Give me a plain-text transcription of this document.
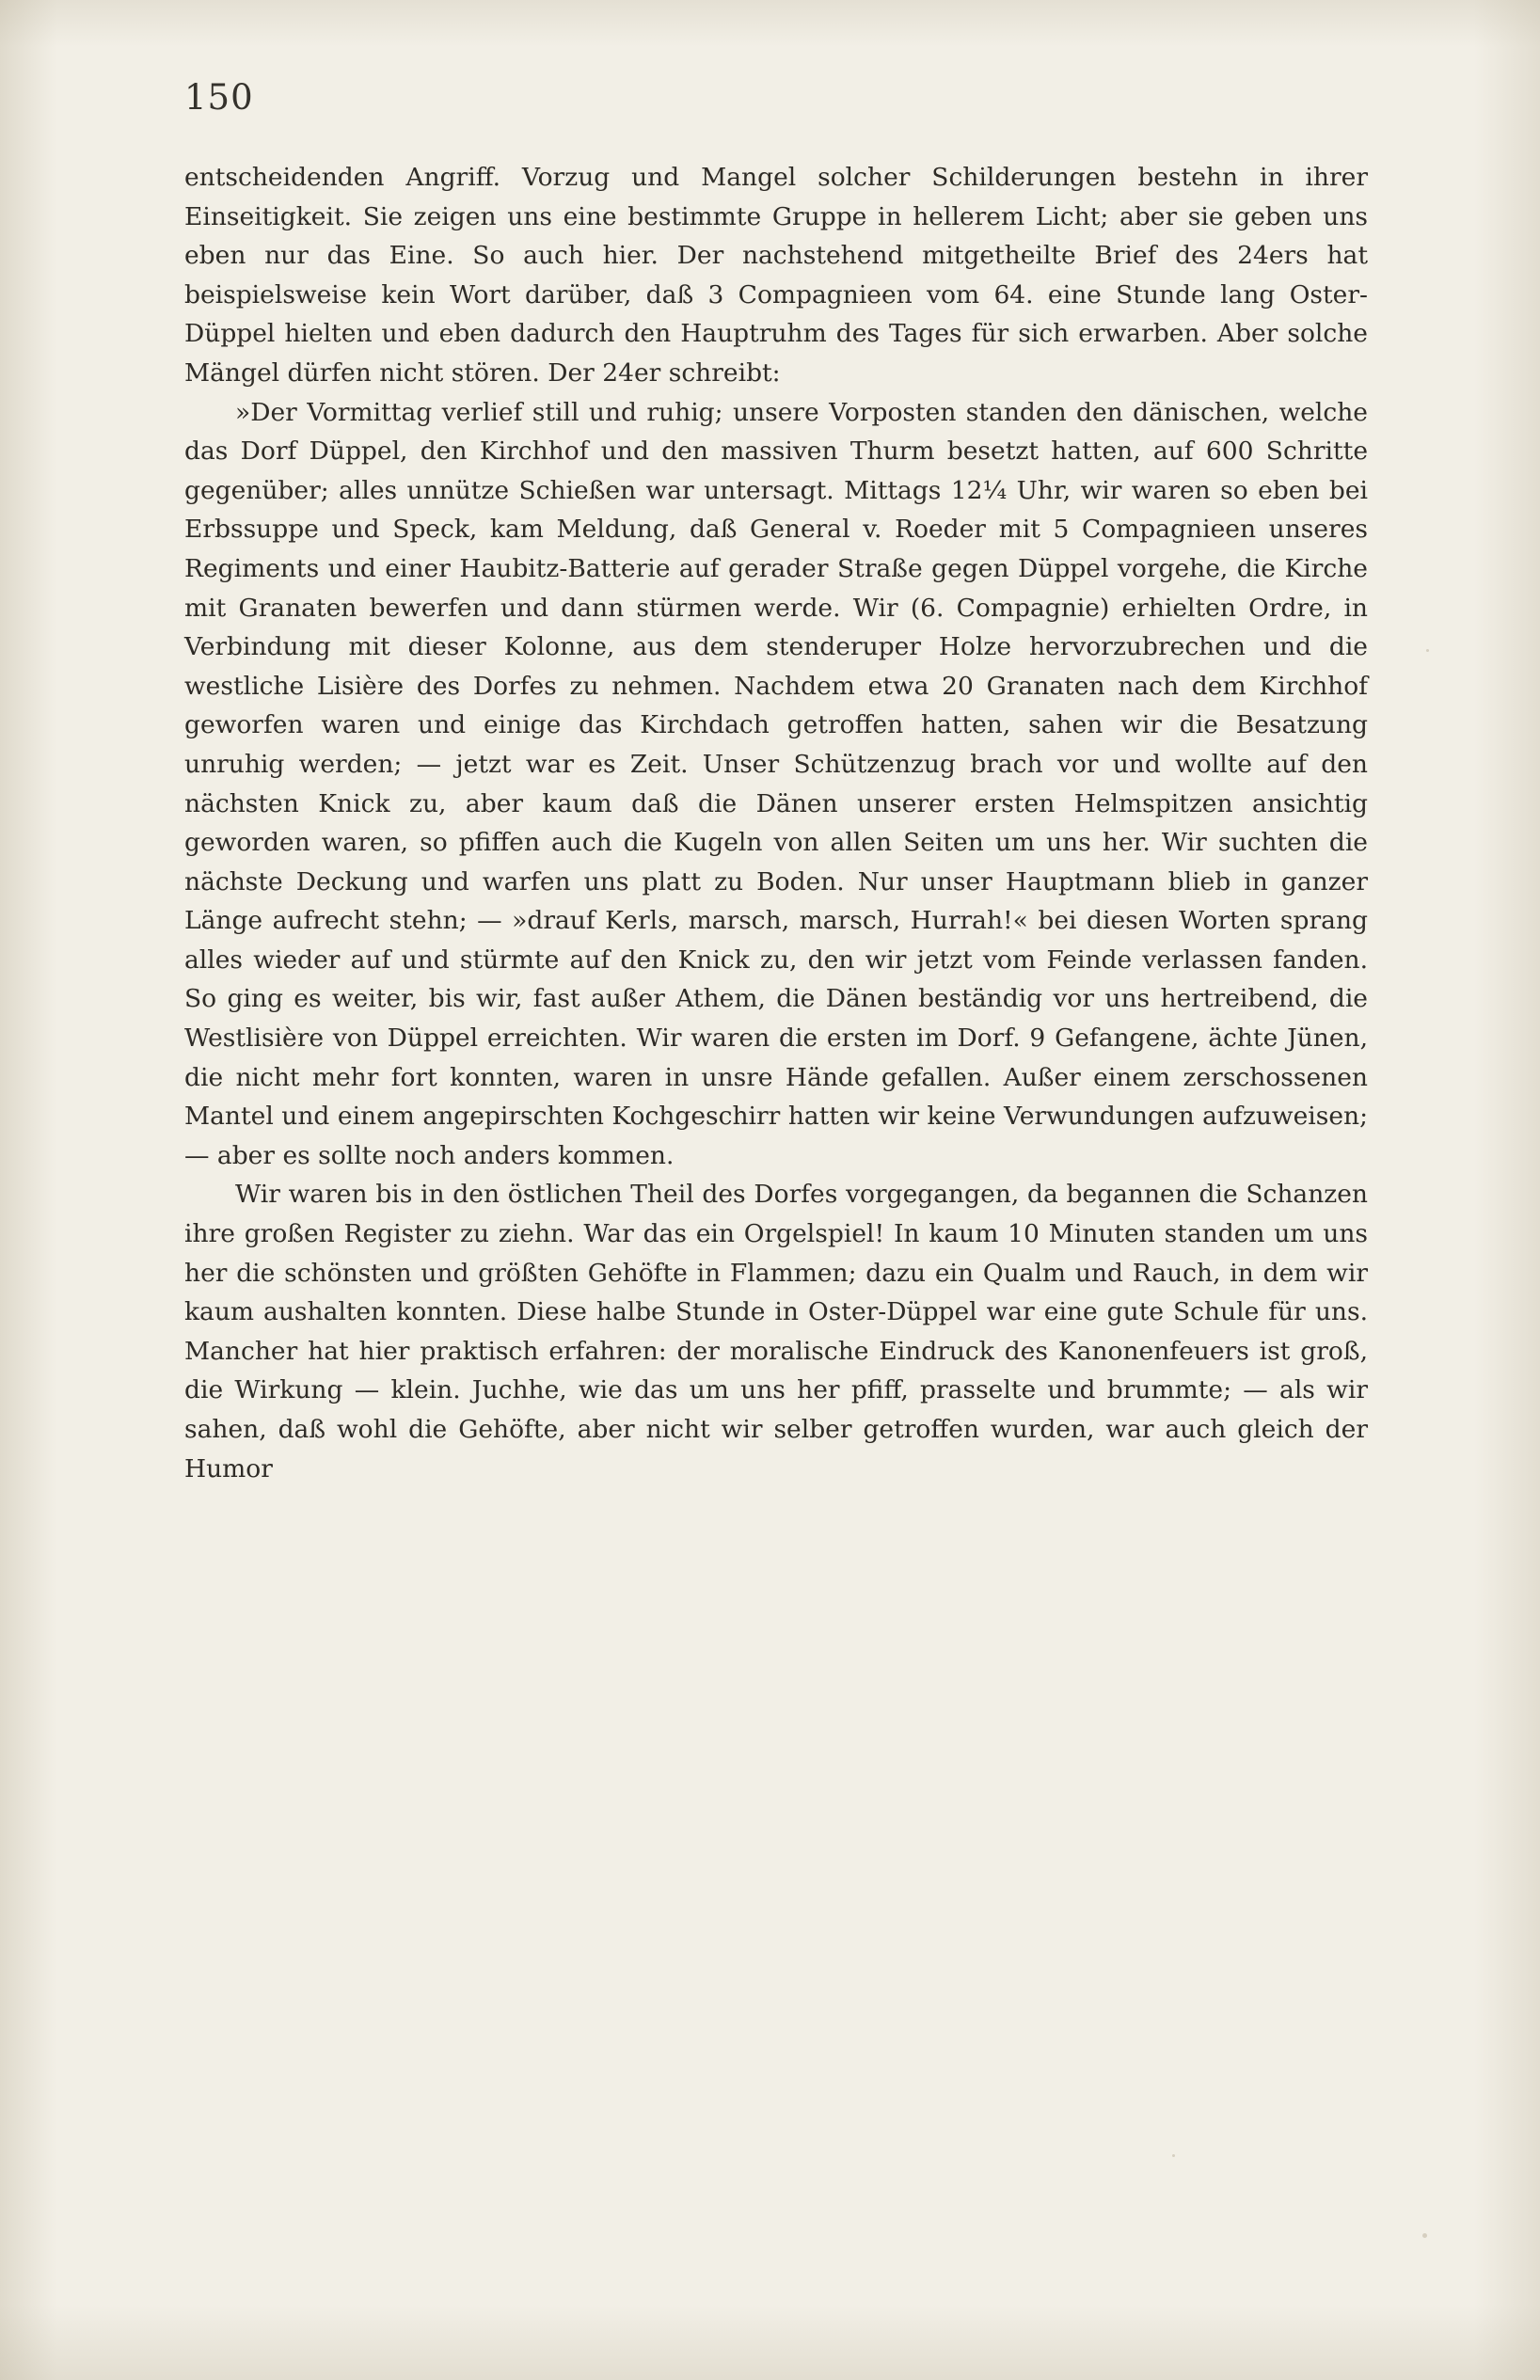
150

entscheidenden Angriff. Vorzug und Mangel solcher Schilderungen bestehn in ihrer Einseitigkeit. Sie zeigen uns eine bestimmte Gruppe in hellerem Licht; aber sie geben uns eben nur das Eine. So auch hier. Der nachstehend mitgetheilte Brief des 24ers hat beispielsweise kein Wort darüber, daß 3 Compagnieen vom 64. eine Stunde lang Oster-Düppel hielten und eben dadurch den Hauptruhm des Tages für sich erwarben. Aber solche Mängel dürfen nicht stören. Der 24er schreibt:

»Der Vormittag verlief still und ruhig; unsere Vorposten standen den dänischen, welche das Dorf Düppel, den Kirchhof und den massiven Thurm besetzt hatten, auf 600 Schritte gegenüber; alles unnütze Schießen war untersagt. Mittags 12¼ Uhr, wir waren so eben bei Erbssuppe und Speck, kam Meldung, daß General v. Roeder mit 5 Compagnieen unseres Regiments und einer Haubitz-Batterie auf gerader Straße gegen Düppel vorgehe, die Kirche mit Granaten bewerfen und dann stürmen werde. Wir (6. Compagnie) erhielten Ordre, in Verbindung mit dieser Kolonne, aus dem stenderuper Holze hervorzubrechen und die westliche Lisière des Dorfes zu nehmen. Nachdem etwa 20 Granaten nach dem Kirchhof geworfen waren und einige das Kirchdach getroffen hatten, sahen wir die Besatzung unruhig werden; — jetzt war es Zeit. Unser Schützenzug brach vor und wollte auf den nächsten Knick zu, aber kaum daß die Dänen unserer ersten Helmspitzen ansichtig geworden waren, so pfiffen auch die Kugeln von allen Seiten um uns her. Wir suchten die nächste Deckung und warfen uns platt zu Boden. Nur unser Hauptmann blieb in ganzer Länge aufrecht stehn; — »drauf Kerls, marsch, marsch, Hurrah!« bei diesen Worten sprang alles wieder auf und stürmte auf den Knick zu, den wir jetzt vom Feinde verlassen fanden. So ging es weiter, bis wir, fast außer Athem, die Dänen beständig vor uns hertreibend, die Westlisière von Düppel erreichten. Wir waren die ersten im Dorf. 9 Gefangene, ächte Jünen, die nicht mehr fort konnten, waren in unsre Hände gefallen. Außer einem zerschossenen Mantel und einem angepirschten Kochgeschirr hatten wir keine Verwundungen aufzuweisen; — aber es sollte noch anders kommen.

Wir waren bis in den östlichen Theil des Dorfes vorgegangen, da begannen die Schanzen ihre großen Register zu ziehn. War das ein Orgelspiel! In kaum 10 Minuten standen um uns her die schönsten und größten Gehöfte in Flammen; dazu ein Qualm und Rauch, in dem wir kaum aushalten konnten. Diese halbe Stunde in Oster-Düppel war eine gute Schule für uns. Mancher hat hier praktisch erfahren: der moralische Eindruck des Kanonenfeuers ist groß, die Wirkung — klein. Juchhe, wie das um uns her pfiff, prasselte und brummte; — als wir sahen, daß wohl die Gehöfte, aber nicht wir selber getroffen wurden, war auch gleich der Humor
